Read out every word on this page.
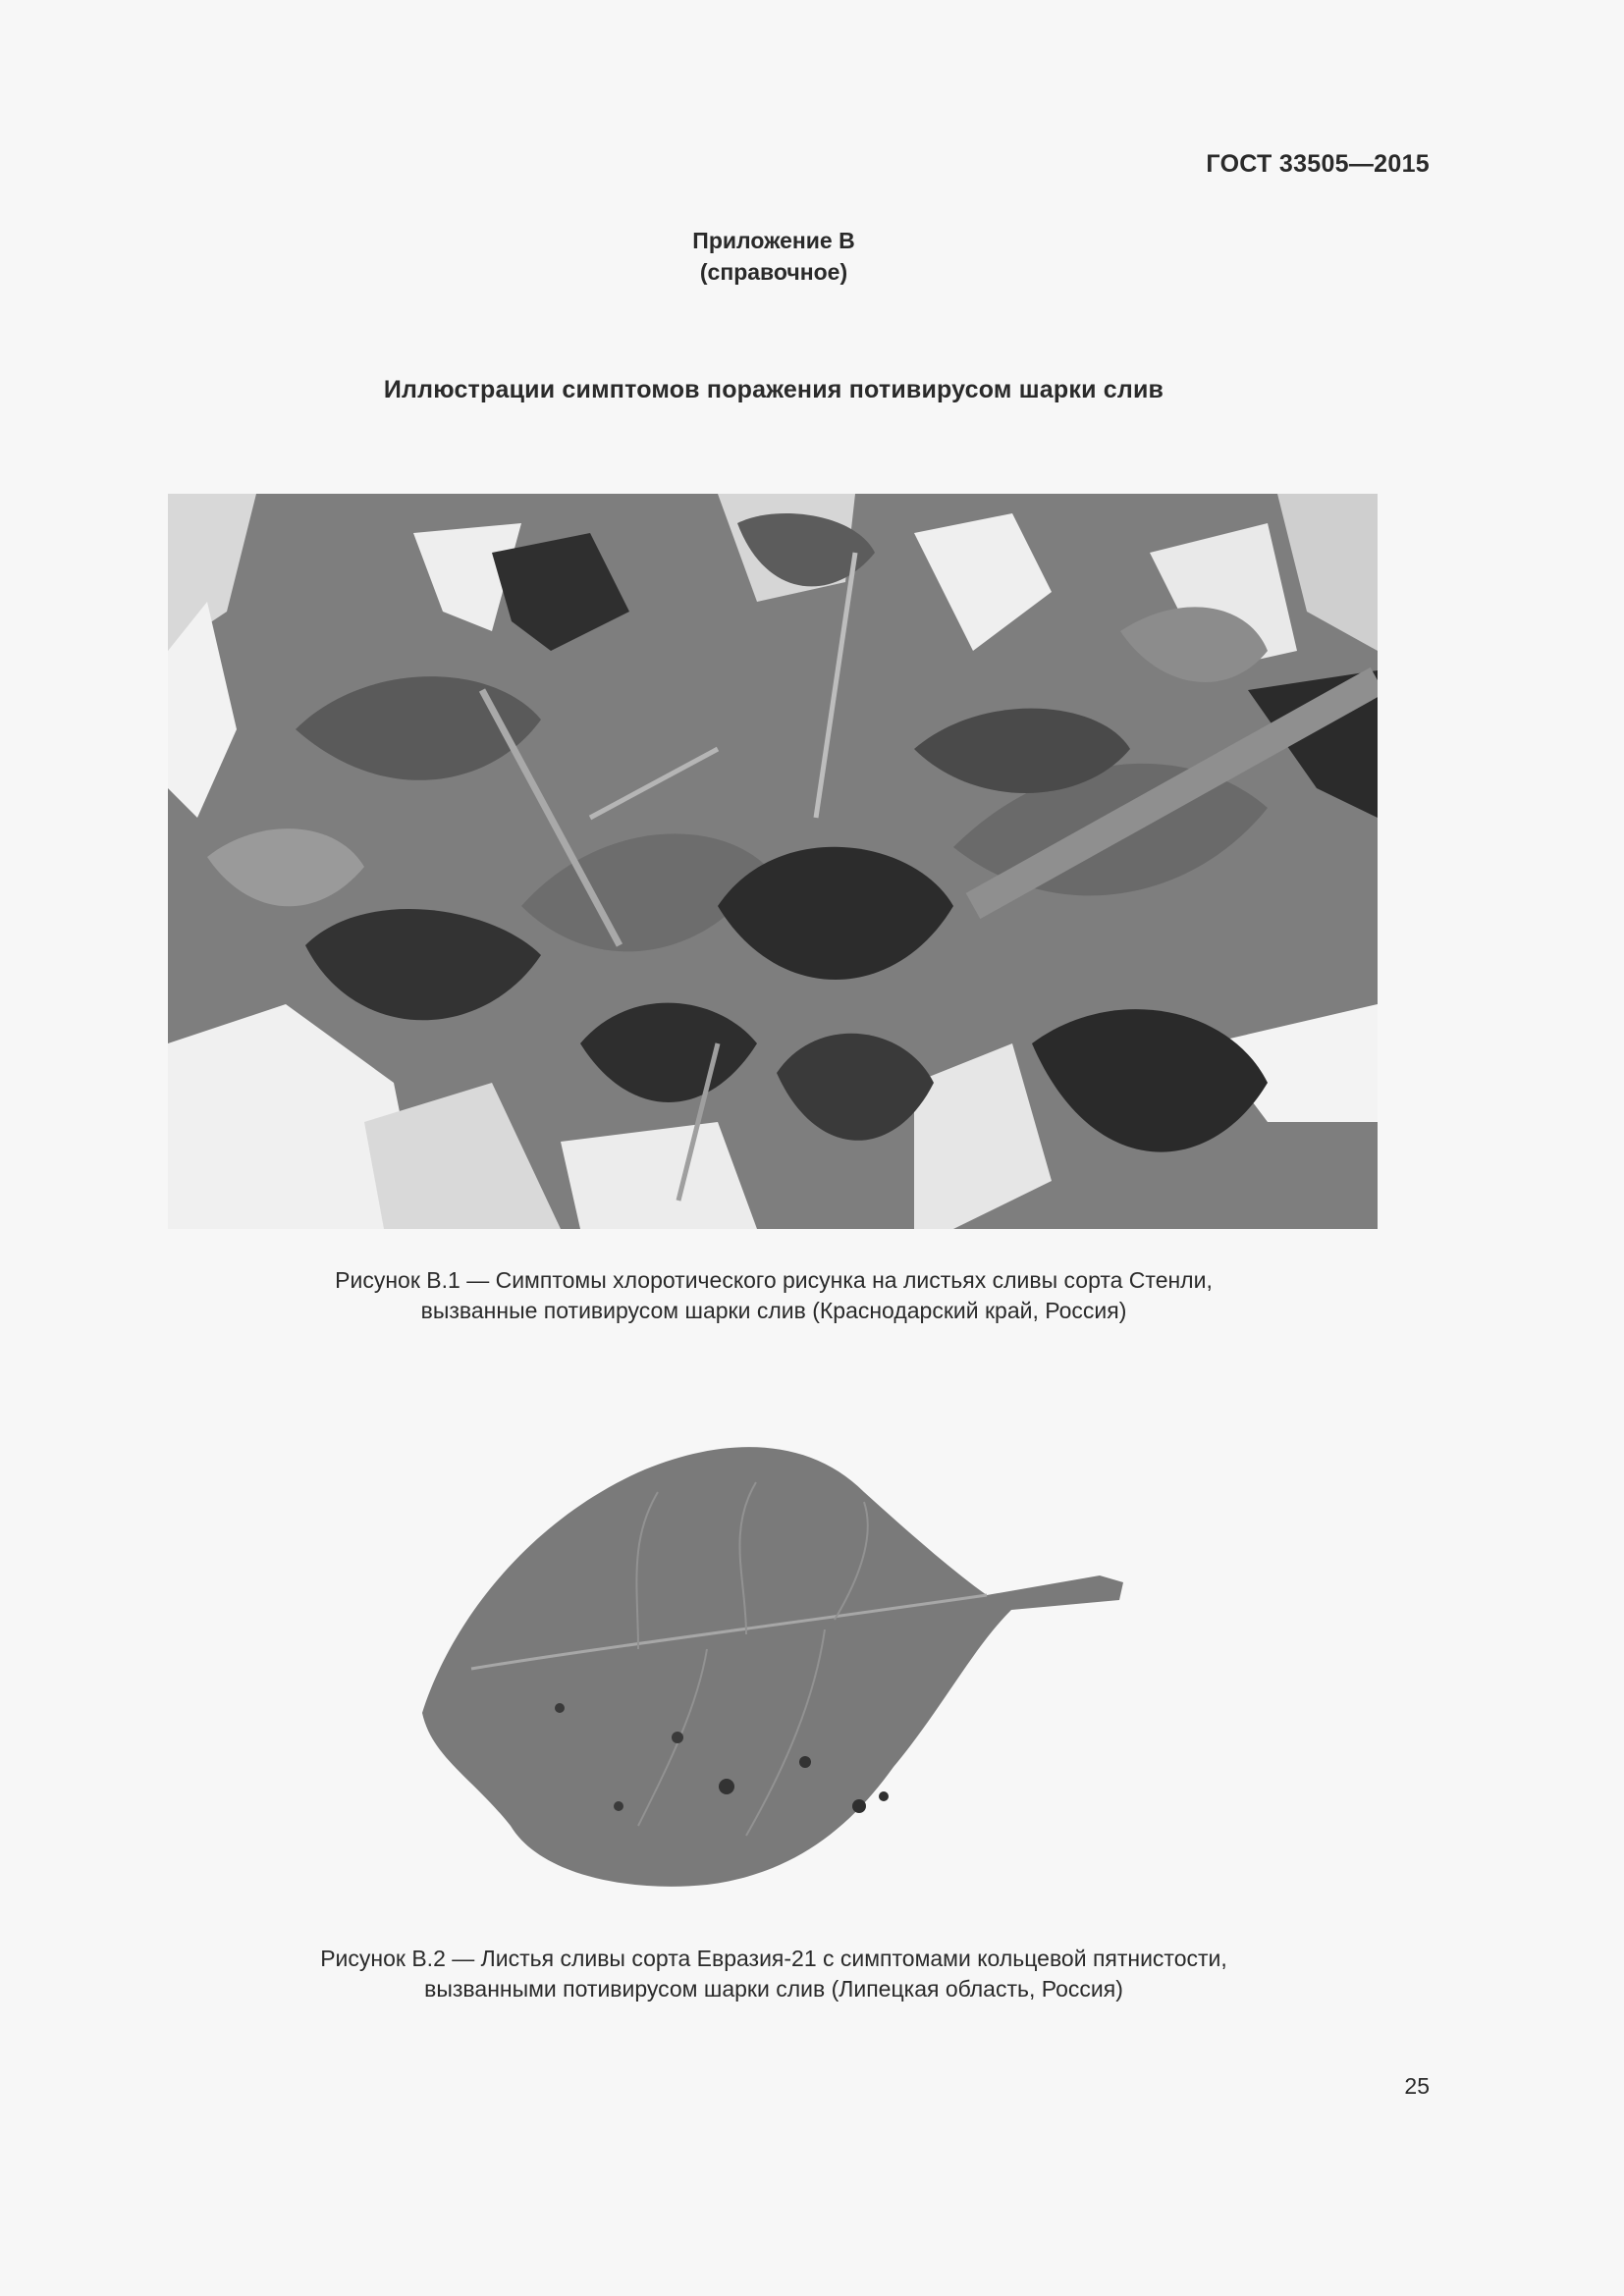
ГОСТ 33505—2015
Приложение В
(справочное)
Иллюстрации симптомов поражения потивирусом шарки слив
Рисунок В.1 — Симптомы хлоротического рисунка на листьях сливы сорта Стенли,
вызванные потивирусом шарки слив (Краснодарский край, Россия)
Рисунок В.2 — Листья сливы сорта Евразия-21 с симптомами кольцевой пятнистости,
вызванными потивирусом шарки слив (Липецкая область, Россия)
25
